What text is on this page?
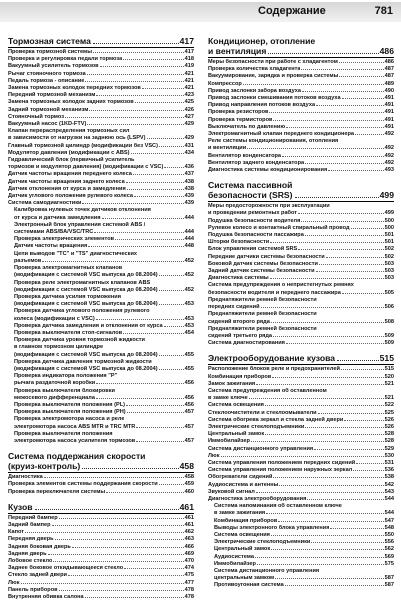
Содержание	781
Тормозная система	417
Проверка тормозной системы	417
Проверка и регулировка педали тормоза	418
Вакуумный усилитель тормозов	419
Рычаг стояночного тормоза	421
Педаль тормоза - описание	421
Замена тормозных колодок передних тормозов	421
Передний тормозной механизм	423
Замена тормозных колодок задних тормозов	425
Задний тормозной механизм	426
Стояночный тормоз	427
Вакуумный насос (1KD-FTV)	429
Клапан перераспределения тормозных сил
в зависимости от нагрузки на заднюю ось (LSPV)	429
Главный тормозной цилиндр (модификации без VSC)	431
Модулятор давления (модификации с ABS)	434
Гидравлический блок (первичный усилитель
тормозов и модулятор давления) (модификации с VSC)	436
Датчик частоты вращения переднего колеса	437
Датчик частоты вращения заднего колеса	438
Датчик отклонения от курса и замедления	438
Датчик углового положения рулевого колеса	439
Система самодиагностики	439
Калибровка нулевых точек датчиков отклонения
от курса и датчика замедления	444
Электронный блок управления системой ABS /
системами ABS/BA/VSC/TRC	444
Проверка электрических элементов	444
Датчик частоты вращения	448
Цепи выводов "TC" и "TS" диагностических
разъемов	452
Проверка электромагнитных клапанов
(модификация с системой VSC выпуска до 08.2004)	452
Проверка реле электромагнитных клапанов ABS
(модификация с системой VSC выпуска до 08.2004)	452
Проверка датчика усилия торможения
(модификация с системой VSC выпуска до 08.2004)	453
Проверка датчика углового положения рулевого
колеса (модификации с VSC)	453
Проверка датчика замедления и отклонения от курса	453
Проверка выключателя стоп-сигналов	454
Проверка датчика уровня тормозной жидкости
в главном тормозном цилиндре
(модификация с системой VSC выпуска до 08.2004)	455
Проверка датчика давления тормозной жидкости
(модификация с системой VSC выпуска до 08.2004)	455
Проверка индикатора положения "P"
рычага раздаточной коробки	456
Проверка выключателя блокировки
межосевого дифференциала	456
Проверка выключателя положения (PL)	456
Проверка выключателя положения (PH)	457
Проверка электромотора насоса и реле
электромотора насоса ABS MTR и TRC MTR	457
Проверка выключателя положения
электромотора насоса усилителя тормозов	457
Система поддержания скорости
(круиз-контроль)	458
Диагностика	458
Проверка элементов системы поддержания скорости	459
Проверка переключателя системы	460
Кузов	461
Передний бампер	461
Задний бампер	461
Капот	462
Передняя дверь	463
Задняя боковая дверь	466
Задняя дверь	469
Лобовое стекло	470
Заднее боковое откидывающееся стекло	474
Стекло задней двери	475
Люк	477
Панель приборов	478
Внутренняя обивка салона	478
Кондиционер, отопление
и вентиляция	486
Меры безопасности при работе с хладагентом	486
Проверка количества хладагента	487
Вакуумирование, зарядка и проверка системы	487
Компрессор	489
Привод заслонки забора воздуха	490
Привод заслонки смешивания потоков воздуха	491
Привод направления потоков воздуха	491
Проверка резисторов	491
Проверка термисторов	491
Выключатель по давлению	491
Электромагнитный клапан переднего кондиционера	492
Реле системы кондиционирования, отопления
и вентиляции	492
Вентилятор конденсатора	492
Вентилятор заднего конденсатора	492
Диагностика системы кондиционирования	493
Система пассивной
безопасности (SRS)	499
Меры предосторожности при эксплуатации
и проведении ремонтных работ	499
Подушка безопасности водителя	500
Рулевое колесо и контактный спиральный провод	500
Подушка безопасности пассажира	501
Шторки безопасности	501
Блок управления системой SRS	502
Передние датчики системы безопасности	502
Боковой датчик системы безопасности	503
Задний датчик системы безопасности	503
Диагностика системы	503
Система предупреждения о непристегнутых ремнях
безопасности водителя и переднего пассажира	505
Преднатяжители ремней безопасности
передних сидений	506
Преднатяжители ремней безопасности
сидений второго ряда	508
Преднатяжители ремней безопасности
сидений третьего ряда	509
Система диагностирования	509
Электрооборудование кузова	515
Расположение блоков реле и предохранителей	515
Комбинация приборов	520
Замок зажигания	521
Система предупреждения об оставленном
в замке ключе	521
Система освещения	522
Стеклоочистители и стеклоомыватели	525
Система обогрева зеркал и стекла задней двери	526
Электрические стеклоподъемники	526
Центральный замок	528
Иммобилайзер	528
Система дистанционного управления	529
Люк	530
Система управления положением передних сидений	531
Система управления положением наружных зеркал	536
Обогреватели сидений	538
Аудиосистема и антенны	542
Звуковой сигнал	543
Диагностика электрооборудования	544
Система напоминания об оставленном ключе
в замке зажигания	544
Комбинация приборов	547
Выводы электронного блока управления	548
Система освещения	550
Электрические стеклоподъемники	556
Центральный замок	562
Аудиосистема	569
Иммобилайзер	575
Система дистанционного управления
центральным замком	587
Противоугонная система	587
